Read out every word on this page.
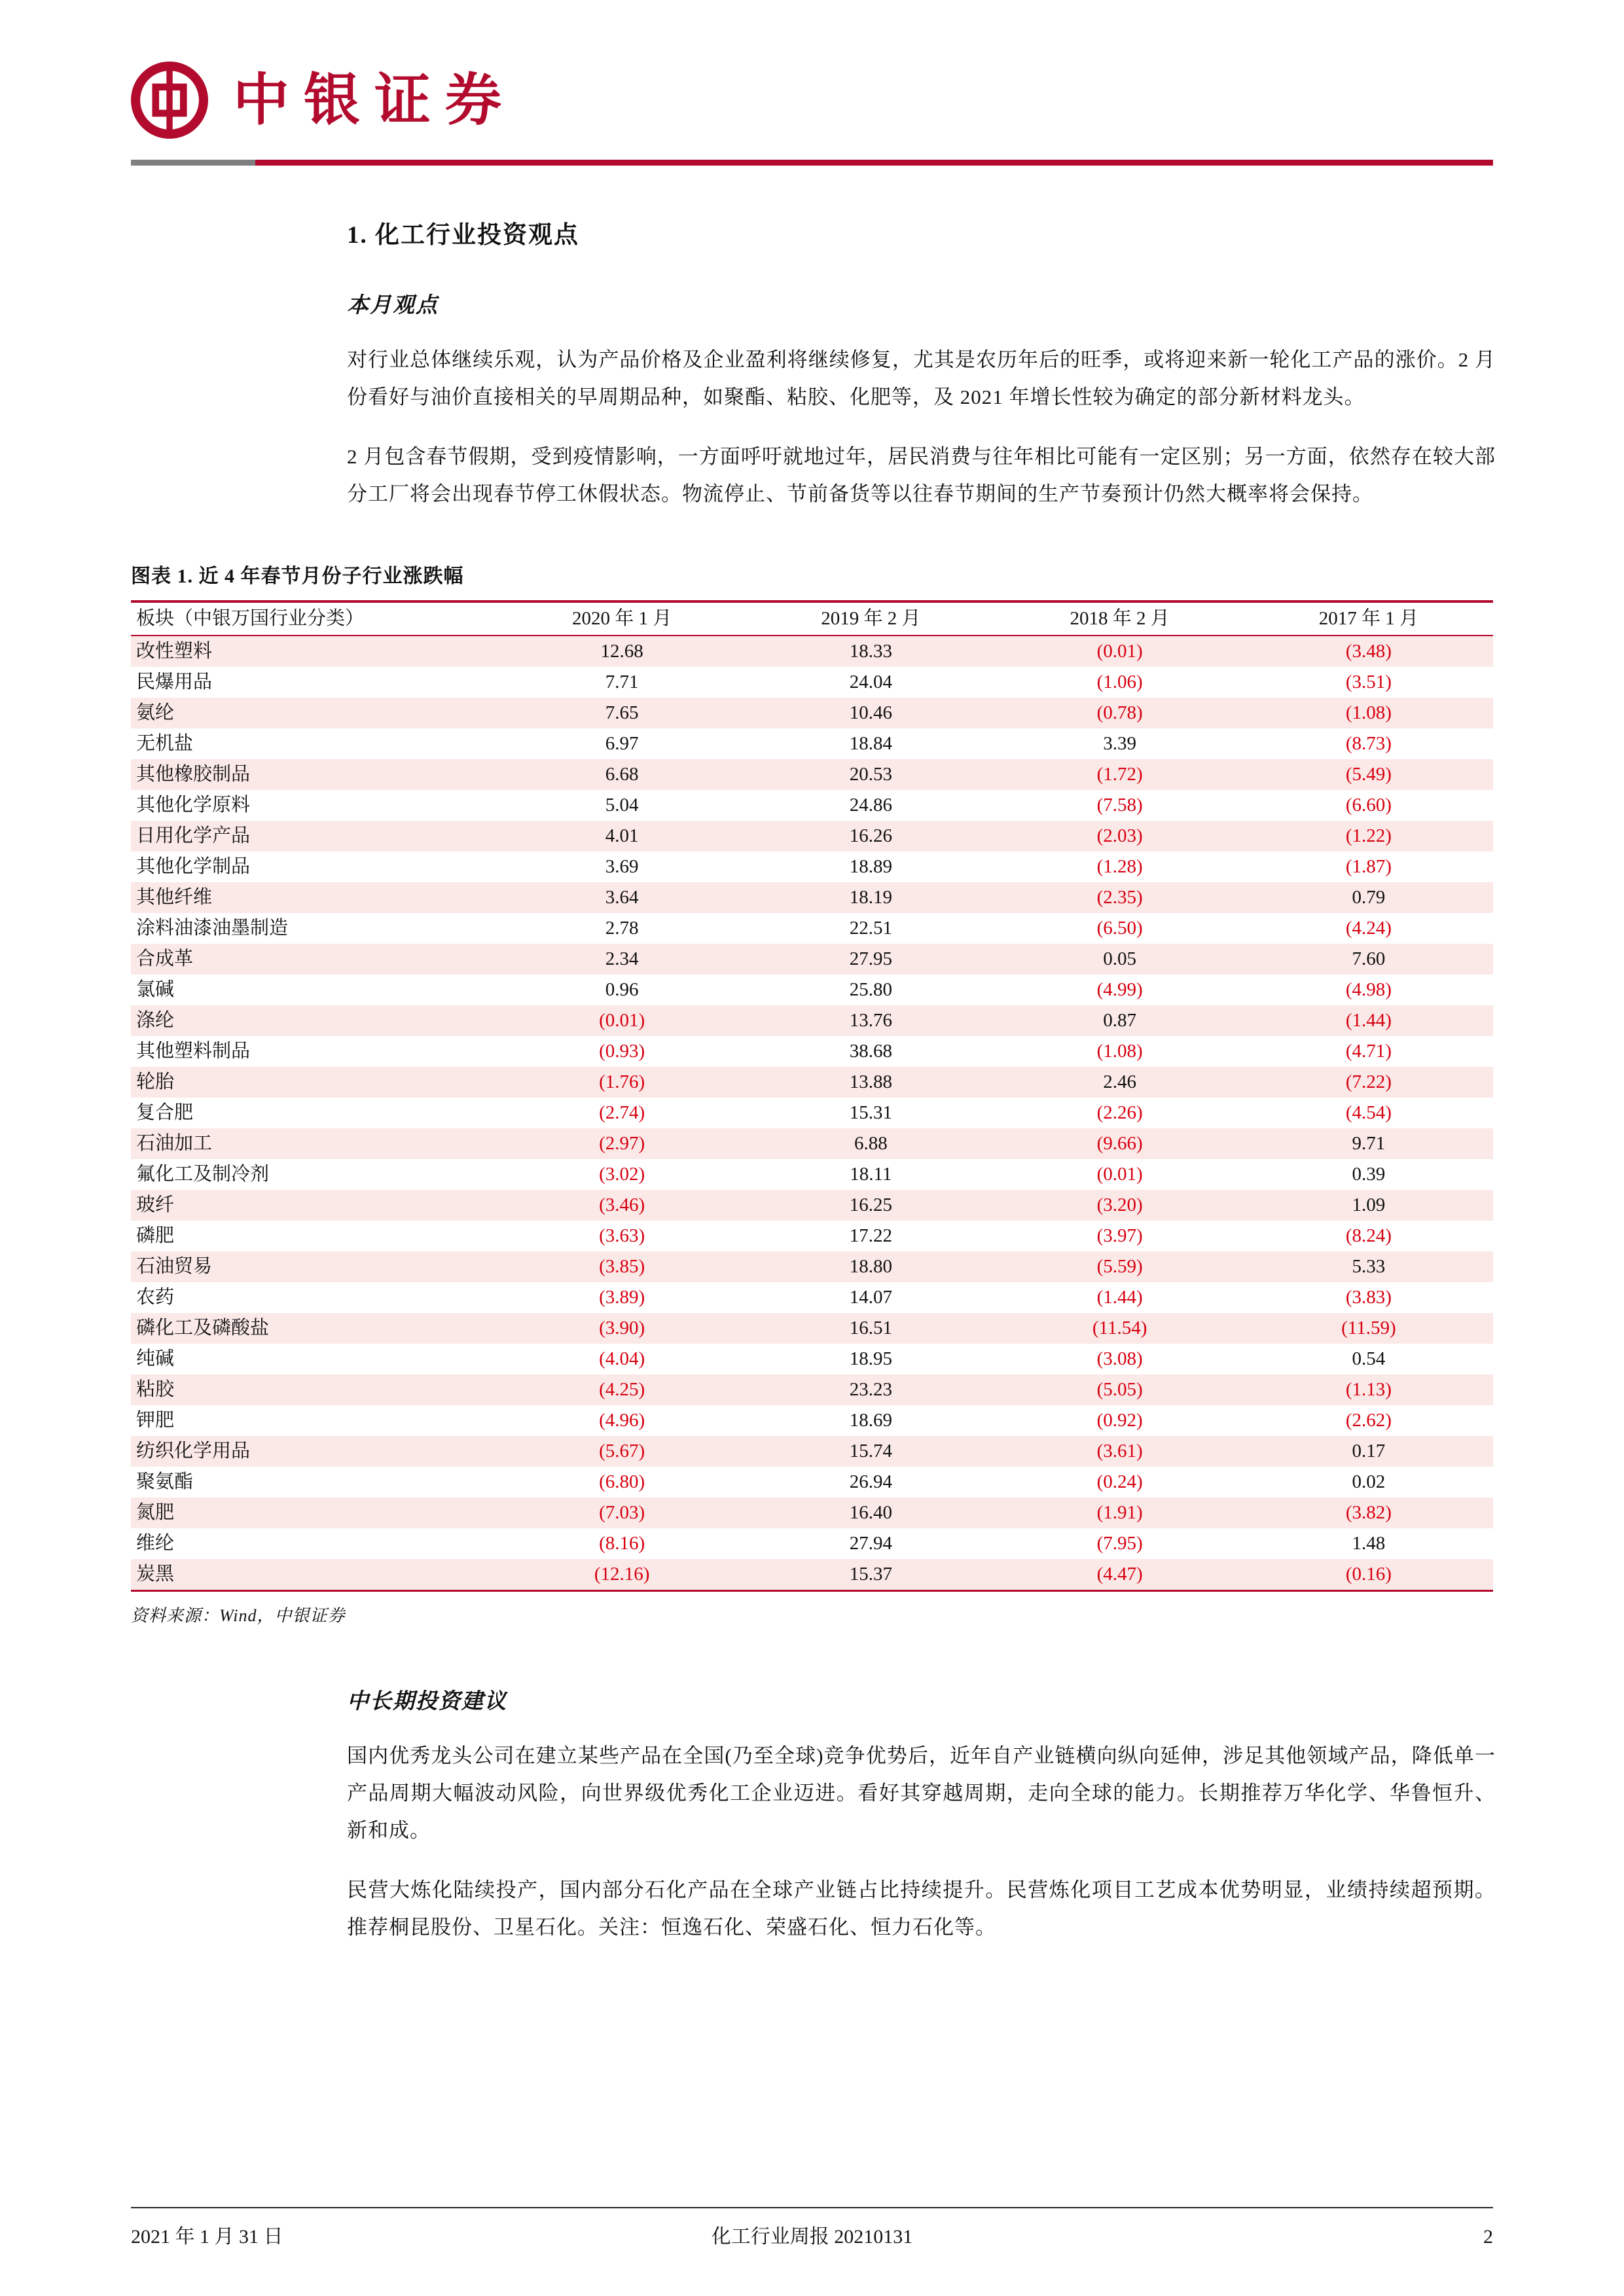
中银证券
1. 化工行业投资观点
本月观点

对行业总体继续乐观，认为产品价格及企业盈利将继续修复，尤其是农历年后的旺季，或将迎来新一轮化工产品的涨价。2 月份看好与油价直接相关的早周期品种，如聚酯、粘胶、化肥等，及 2021 年增长性较为确定的部分新材料龙头。

2 月包含春节假期，受到疫情影响，一方面呼吁就地过年，居民消费与往年相比可能有一定区别；另一方面，依然存在较大部分工厂将会出现春节停工休假状态。物流停止、节前备货等以往春节期间的生产节奏预计仍然大概率将会保持。

图表 1. 近 4 年春节月份子行业涨跌幅
板块（中银万国行业分类）	2020 年 1 月	2019 年 2 月	2018 年 2 月	2017 年 1 月
改性塑料	12.68	18.33	(0.01)	(3.48)
民爆用品	7.71	24.04	(1.06)	(3.51)
氨纶	7.65	10.46	(0.78)	(1.08)
无机盐	6.97	18.84	3.39	(8.73)
其他橡胶制品	6.68	20.53	(1.72)	(5.49)
其他化学原料	5.04	24.86	(7.58)	(6.60)
日用化学产品	4.01	16.26	(2.03)	(1.22)
其他化学制品	3.69	18.89	(1.28)	(1.87)
其他纤维	3.64	18.19	(2.35)	0.79
涂料油漆油墨制造	2.78	22.51	(6.50)	(4.24)
合成革	2.34	27.95	0.05	7.60
氯碱	0.96	25.80	(4.99)	(4.98)
涤纶	(0.01)	13.76	0.87	(1.44)
其他塑料制品	(0.93)	38.68	(1.08)	(4.71)
轮胎	(1.76)	13.88	2.46	(7.22)
复合肥	(2.74)	15.31	(2.26)	(4.54)
石油加工	(2.97)	6.88	(9.66)	9.71
氟化工及制冷剂	(3.02)	18.11	(0.01)	0.39
玻纤	(3.46)	16.25	(3.20)	1.09
磷肥	(3.63)	17.22	(3.97)	(8.24)
石油贸易	(3.85)	18.80	(5.59)	5.33
农药	(3.89)	14.07	(1.44)	(3.83)
磷化工及磷酸盐	(3.90)	16.51	(11.54)	(11.59)
纯碱	(4.04)	18.95	(3.08)	0.54
粘胶	(4.25)	23.23	(5.05)	(1.13)
钾肥	(4.96)	18.69	(0.92)	(2.62)
纺织化学用品	(5.67)	15.74	(3.61)	0.17
聚氨酯	(6.80)	26.94	(0.24)	0.02
氮肥	(7.03)	16.40	(1.91)	(3.82)
维纶	(8.16)	27.94	(7.95)	1.48
炭黑	(12.16)	15.37	(4.47)	(0.16)
资料来源：Wind，中银证券
中长期投资建议

国内优秀龙头公司在建立某些产品在全国(乃至全球)竞争优势后，近年自产业链横向纵向延伸，涉足其他领域产品，降低单一产品周期大幅波动风险，向世界级优秀化工企业迈进。看好其穿越周期，走向全球的能力。长期推荐万华化学、华鲁恒升、新和成。

民营大炼化陆续投产，国内部分石化产品在全球产业链占比持续提升。民营炼化项目工艺成本优势明显，业绩持续超预期。推荐桐昆股份、卫星石化。关注：恒逸石化、荣盛石化、恒力石化等。

2021 年 1 月 31 日	化工行业周报 20210131	2
